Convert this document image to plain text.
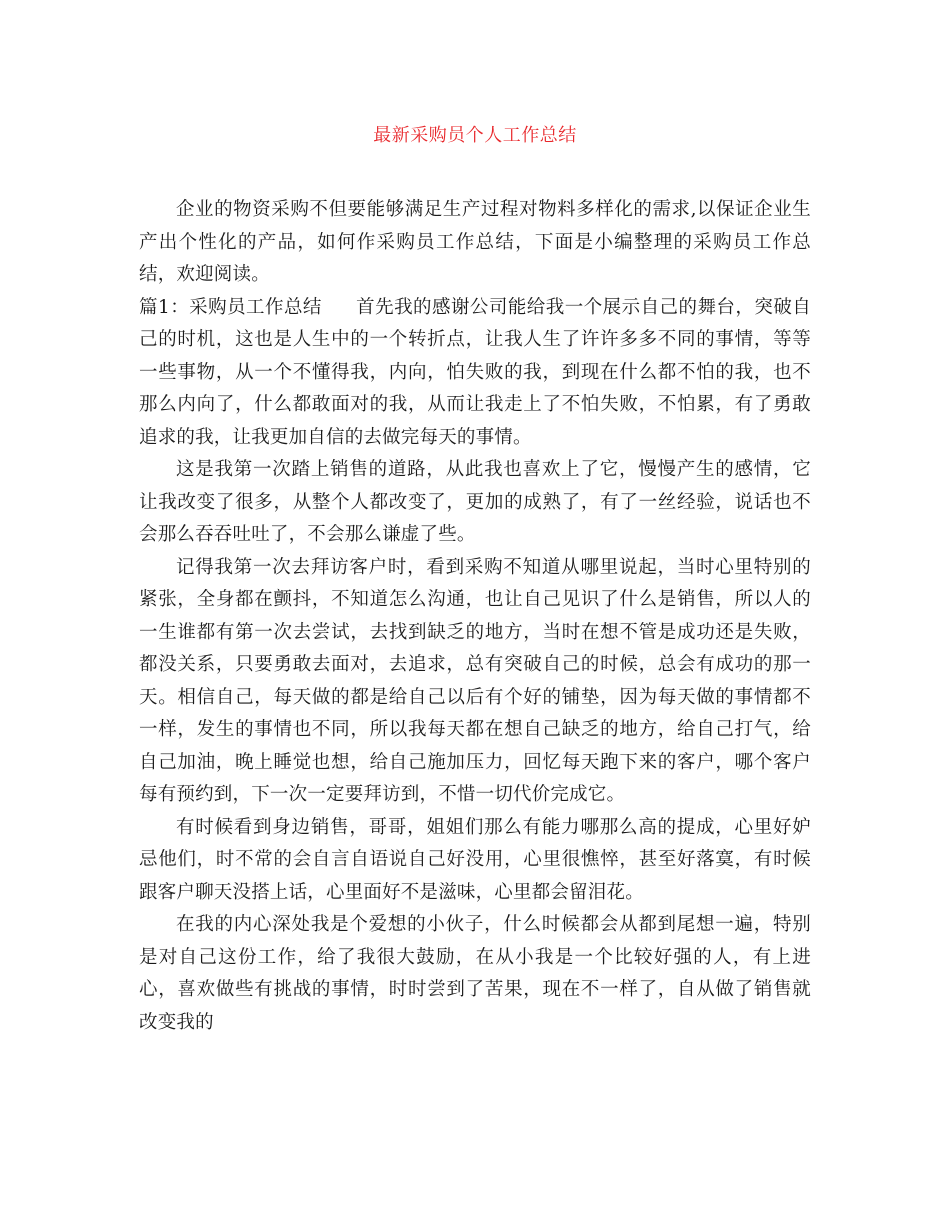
最新采购员个人工作总结

企业的物资采购不但要能够满足生产过程对物料多样化的需求,以保证企业生产出个性化的产品，如何作采购员工作总结，下面是小编整理的采购员工作总结，欢迎阅读。

篇1：采购员工作总结 首先我的感谢公司能给我一个展示自己的舞台，突破自己的时机，这也是人生中的一个转折点，让我人生了许许多多不同的事情，等等一些事物，从一个不懂得我，内向，怕失败的我，到现在什么都不怕的我，也不那么内向了，什么都敢面对的我，从而让我走上了不怕失败，不怕累，有了勇敢追求的我，让我更加自信的去做完每天的事情。

这是我第一次踏上销售的道路，从此我也喜欢上了它，慢慢产生的感情，它让我改变了很多，从整个人都改变了，更加的成熟了，有了一丝经验，说话也不会那么吞吞吐吐了，不会那么谦虚了些。

记得我第一次去拜访客户时，看到采购不知道从哪里说起，当时心里特别的紧张，全身都在颤抖，不知道怎么沟通，也让自己见识了什么是销售，所以人的一生谁都有第一次去尝试，去找到缺乏的地方，当时在想不管是成功还是失败，都没关系，只要勇敢去面对，去追求，总有突破自己的时候，总会有成功的那一天。相信自己，每天做的都是给自己以后有个好的铺垫，因为每天做的事情都不一样，发生的事情也不同，所以我每天都在想自己缺乏的地方，给自己打气，给自己加油，晚上睡觉也想，给自己施加压力，回忆每天跑下来的客户，哪个客户每有预约到，下一次一定要拜访到，不惜一切代价完成它。

有时候看到身边销售，哥哥，姐姐们那么有能力哪那么高的提成，心里好妒忌他们，时不常的会自言自语说自己好没用，心里很憔悴，甚至好落寞，有时候跟客户聊天没搭上话，心里面好不是滋味，心里都会留泪花。

在我的内心深处我是个爱想的小伙子，什么时候都会从都到尾想一遍，特别是对自己这份工作，给了我很大鼓励，在从小我是一个比较好强的人，有上进心，喜欢做些有挑战的事情，时时尝到了苦果，现在不一样了，自从做了销售就改变我的
